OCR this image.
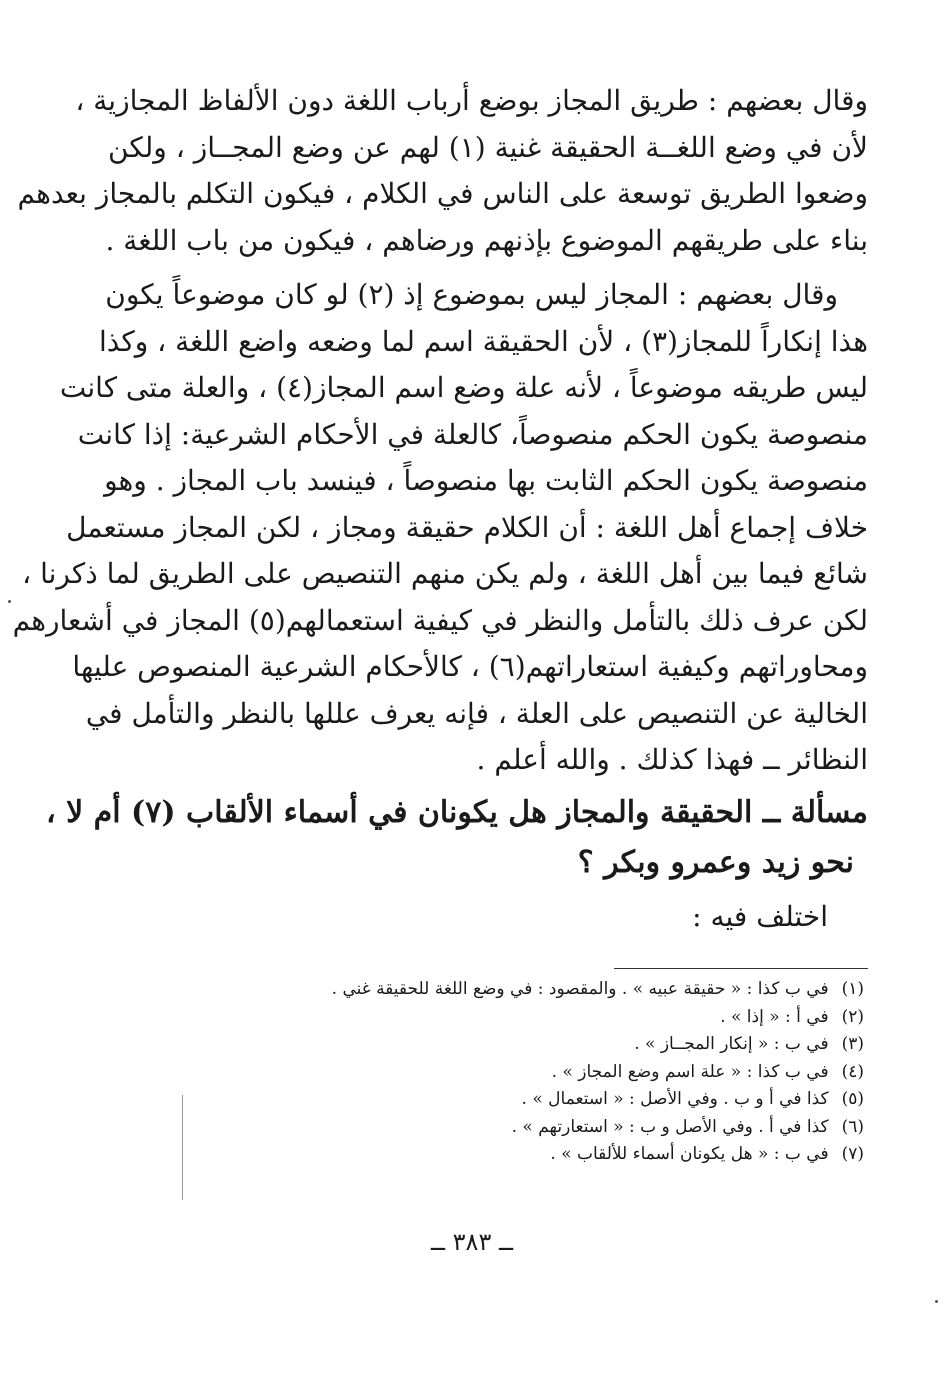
وقال بعضهم : طريق المجاز بوضع أرباب اللغة دون الألفاظ المجازية ،
لأن في وضع اللغــة الحقيقة غنية (١) لهم عن وضع المجــاز ، ولكن
وضعوا الطريق توسعة على الناس في الكلام ، فيكون التكلم بالمجاز بعدهم
بناء على طريقهم الموضوع بإذنهم ورضاهم ، فيكون من باب اللغة .
وقال بعضهم : المجاز ليس بموضوع إذ (٢) لو كان موضوعاً يكون
هذا إنكاراً للمجاز(٣) ، لأن الحقيقة اسم لما وضعه واضع اللغة ، وكذا
ليس طريقه موضوعاً ، لأنه علة وضع اسم المجاز(٤) ، والعلة متى كانت
منصوصة يكون الحكم منصوصاً، كالعلة في الأحكام الشرعية: إذا كانت
منصوصة يكون الحكم الثابت بها منصوصاً ، فينسد باب المجاز . وهو
خلاف إجماع أهل اللغة : أن الكلام حقيقة ومجاز ، لكن المجاز مستعمل
شائع فيما بين أهل اللغة ، ولم يكن منهم التنصيص على الطريق لما ذكرنا ،
لكن عرف ذلك بالتأمل والنظر في كيفية استعمالهم(٥) المجاز في أشعارهم
ومحاوراتهم وكيفية استعاراتهم(٦) ، كالأحكام الشرعية المنصوص عليها
الخالية عن التنصيص على العلة ، فإنه يعرف عللها بالنظر والتأمل في
النظائر ــ فهذا كذلك . والله أعلم .
مسألة ــ الحقيقة والمجاز هل يكونان في أسماء الألقاب (٧) أم لا ،
نحو زيد وعمرو وبكر ؟
اختلف فيه :
(١) في ب كذا : « حقيقة عبيه » . والمقصود : في وضع اللغة للحقيقة غني .
(٢) في أ : « إذا » .
(٣) في ب : « إنكار المجــاز » .
(٤) في ب كذا : « علة اسم وضع المجاز » .
(٥) كذا في أ و ب . وفي الأصل : « استعمال » .
(٦) كذا في أ . وفي الأصل و ب : « استعارتهم » .
(٧) في ب : « هل يكونان أسماء للألقاب » .
ــ ٣٨٣ ــ
